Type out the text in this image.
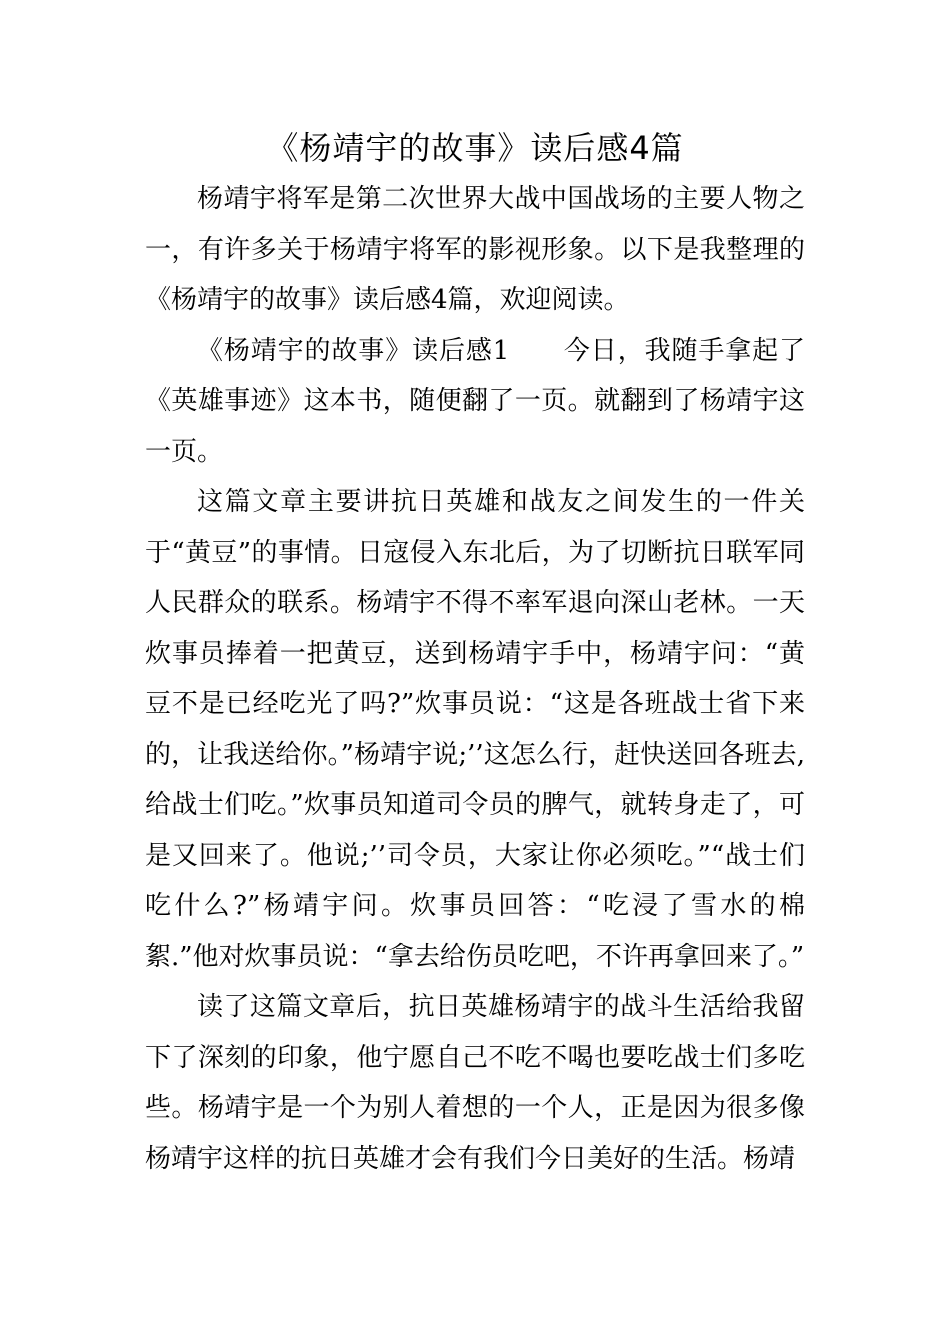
《杨靖宇的故事》读后感4篇

杨靖宇将军是第二次世界大战中国战场的主要人物之一，有许多关于杨靖宇将军的影视形象。以下是我整理的《杨靖宇的故事》读后感4篇，欢迎阅读。

《杨靖宇的故事》读后感1　　今日，我随手拿起了《英雄事迹》这本书，随便翻了一页。就翻到了杨靖宇这一页。

这篇文章主要讲抗日英雄和战友之间发生的一件关于“黄豆”的事情。日寇侵入东北后，为了切断抗日联军同人民群众的联系。杨靖宇不得不率军退向深山老林。一天炊事员捧着一把黄豆，送到杨靖宇手中，杨靖宇问：“黄豆不是已经吃光了吗?”炊事员说：“这是各班战士省下来的，让我送给你。”杨靖宇说;’’这怎么行，赶快送回各班去,给战士们吃。”炊事员知道司令员的脾气，就转身走了，可是又回来了。他说;’’司令员，大家让你必须吃。”“战士们吃什么?”杨靖宇问。炊事员回答：“吃浸了雪水的棉絮.”他对炊事员说：“拿去给伤员吃吧，不许再拿回来了。”

读了这篇文章后，抗日英雄杨靖宇的战斗生活给我留下了深刻的印象，他宁愿自己不吃不喝也要吃战士们多吃些。杨靖宇是一个为别人着想的一个人，正是因为很多像杨靖宇这样的抗日英雄才会有我们今日美好的生活。杨靖
